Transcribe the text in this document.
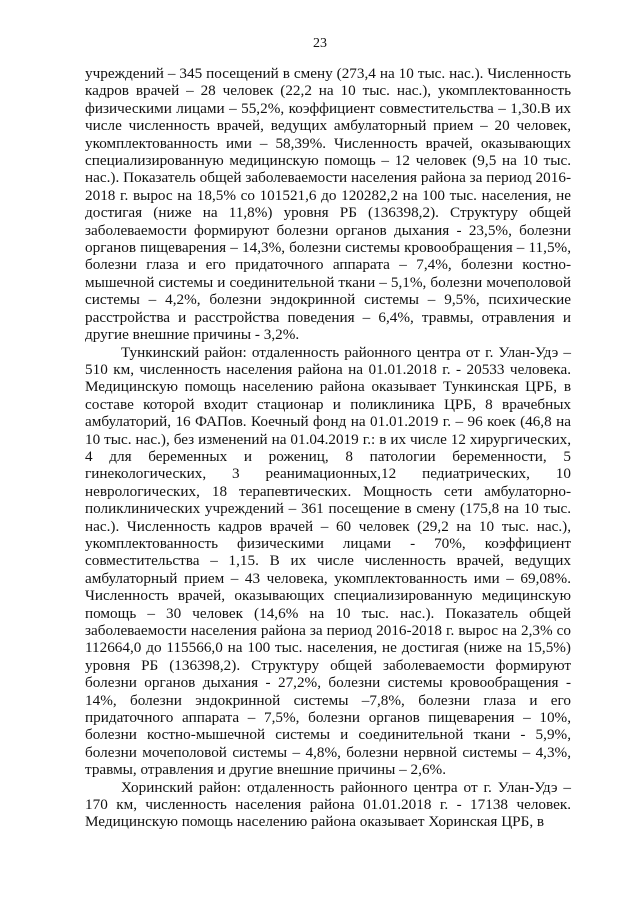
23

учреждений – 345 посещений в смену (273,4 на 10 тыс. нас.). Численность кадров врачей – 28 человек (22,2 на 10 тыс. нас.), укомплектованность физическими лицами – 55,2%, коэффициент совместительства – 1,30.В их числе численность врачей, ведущих амбулаторный прием – 20 человек, укомплектованность ими – 58,39%. Численность врачей, оказывающих специализированную медицинскую помощь – 12 человек (9,5 на 10 тыс. нас.). Показатель общей заболеваемости населения района за период 2016-2018 г. вырос на 18,5% со 101521,6 до 120282,2 на 100 тыс. населения, не достигая (ниже на 11,8%) уровня РБ (136398,2). Структуру общей заболеваемости формируют болезни органов дыхания - 23,5%, болезни органов пищеварения – 14,3%, болезни системы кровообращения – 11,5%, болезни глаза и его придаточного аппарата – 7,4%, болезни костно-мышечной системы и соединительной ткани – 5,1%, болезни мочеполовой системы – 4,2%, болезни эндокринной системы – 9,5%, психические расстройства и расстройства поведения – 6,4%, травмы, отравления и другие внешние причины - 3,2%.

Тункинский район: отдаленность районного центра от г. Улан-Удэ – 510 км, численность населения района на 01.01.2018 г. - 20533 человека. Медицинскую помощь населению района оказывает Тункинская ЦРБ, в составе которой входит стационар и поликлиника ЦРБ, 8 врачебных амбулаторий, 16 ФАПов. Коечный фонд на 01.01.2019 г. – 96 коек (46,8 на 10 тыс. нас.), без изменений на 01.04.2019 г.: в их числе 12 хирургических, 4 для беременных и рожениц, 8 патологии беременности, 5 гинекологических, 3 реанимационных,12 педиатрических, 10 неврологических, 18 терапевтических. Мощность сети амбулаторно-поликлинических учреждений – 361 посещение в смену (175,8 на 10 тыс. нас.). Численность кадров врачей – 60 человек (29,2 на 10 тыс. нас.), укомплектованность физическими лицами - 70%, коэффициент совместительства – 1,15. В их числе численность врачей, ведущих амбулаторный прием – 43 человека, укомплектованность ими – 69,08%. Численность врачей, оказывающих специализированную медицинскую помощь – 30 человек (14,6% на 10 тыс. нас.). Показатель общей заболеваемости населения района за период 2016-2018 г. вырос на 2,3% со 112664,0 до 115566,0 на 100 тыс. населения, не достигая (ниже на 15,5%) уровня РБ (136398,2). Структуру общей заболеваемости формируют болезни органов дыхания - 27,2%, болезни системы кровообращения - 14%, болезни эндокринной системы –7,8%, болезни глаза и его придаточного аппарата – 7,5%, болезни органов пищеварения – 10%, болезни костно-мышечной системы и соединительной ткани - 5,9%, болезни мочеполовой системы – 4,8%, болезни нервной системы – 4,3%, травмы, отравления и другие внешние причины – 2,6%.

Хоринский район: отдаленность районного центра от г. Улан-Удэ – 170 км, численность населения района 01.01.2018 г. - 17138 человек. Медицинскую помощь населению района оказывает Хоринская ЦРБ, в
